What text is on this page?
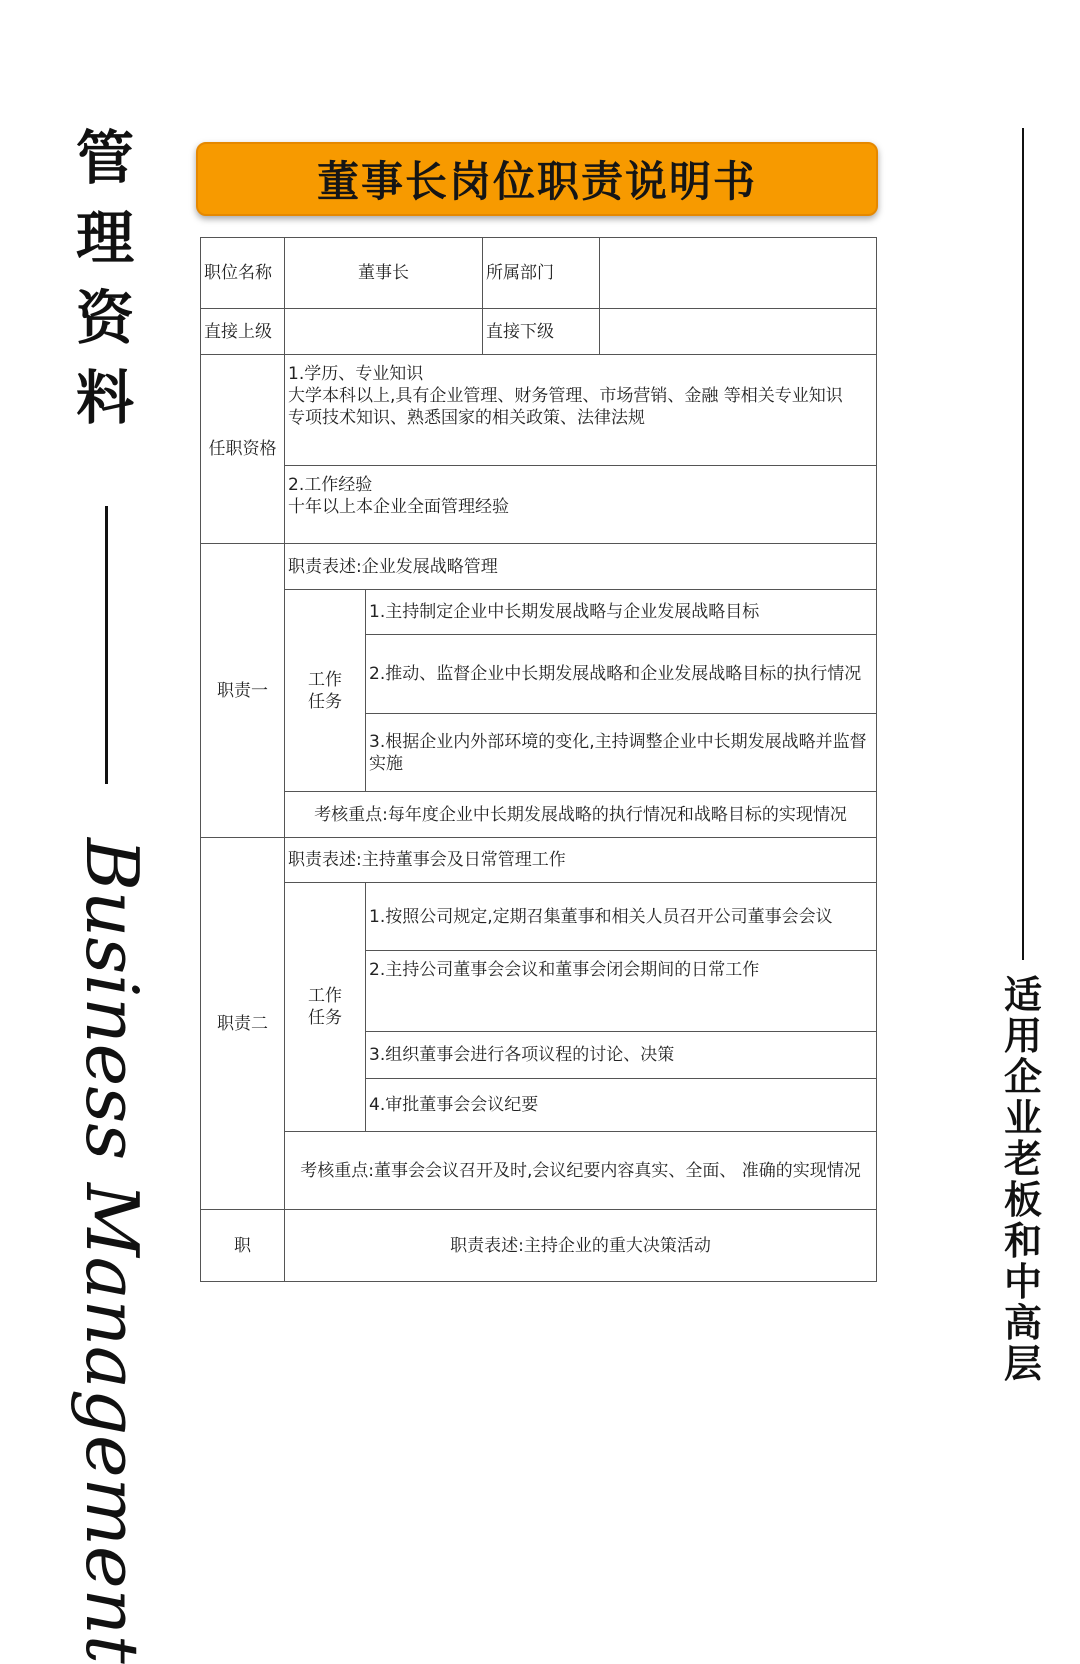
管理资料
Business Management	适用企业老板和中高层
董事长岗位职责说明书
职位名称	董事长		所属部门	
直接上级			直接下级	
任职资格	1.学历、专业知识
大学本科以上,具有企业管理、财务管理、市场营销、金融 等相关专业知识
专项技术知识、熟悉国家的相关政策、法律法规			

	2.工作经验
十年以上本企业全面管理经验			

职责一	职责表述:企业发展战略管理			

	工作
任务	1.主持制定企业中长期发展战略与企业发展战略目标		
		2.推动、监督企业中长期发展战略和企业发展战略目标的执行情况		
		3.根据企业内外部环境的变化,主持调整企业中长期发展战略并监督实施		
	考核重点:每年度企业中长期发展战略的执行情况和战略目标的实现情况			
职责二	职责表述:主持董事会及日常管理工作			

	工作
任务	1.按照公司规定,定期召集董事和相关人员召开公司董事会会议		
		2.主持公司董事会会议和董事会闭会期间的日常工作		
		3.组织董事会进行各项议程的讨论、决策		
		4.审批董事会会议纪要		
	考核重点:董事会会议召开及时,会议纪要内容真实、全面、 准确的实现情况			
职	职责表述:主持企业的重大决策活动			
